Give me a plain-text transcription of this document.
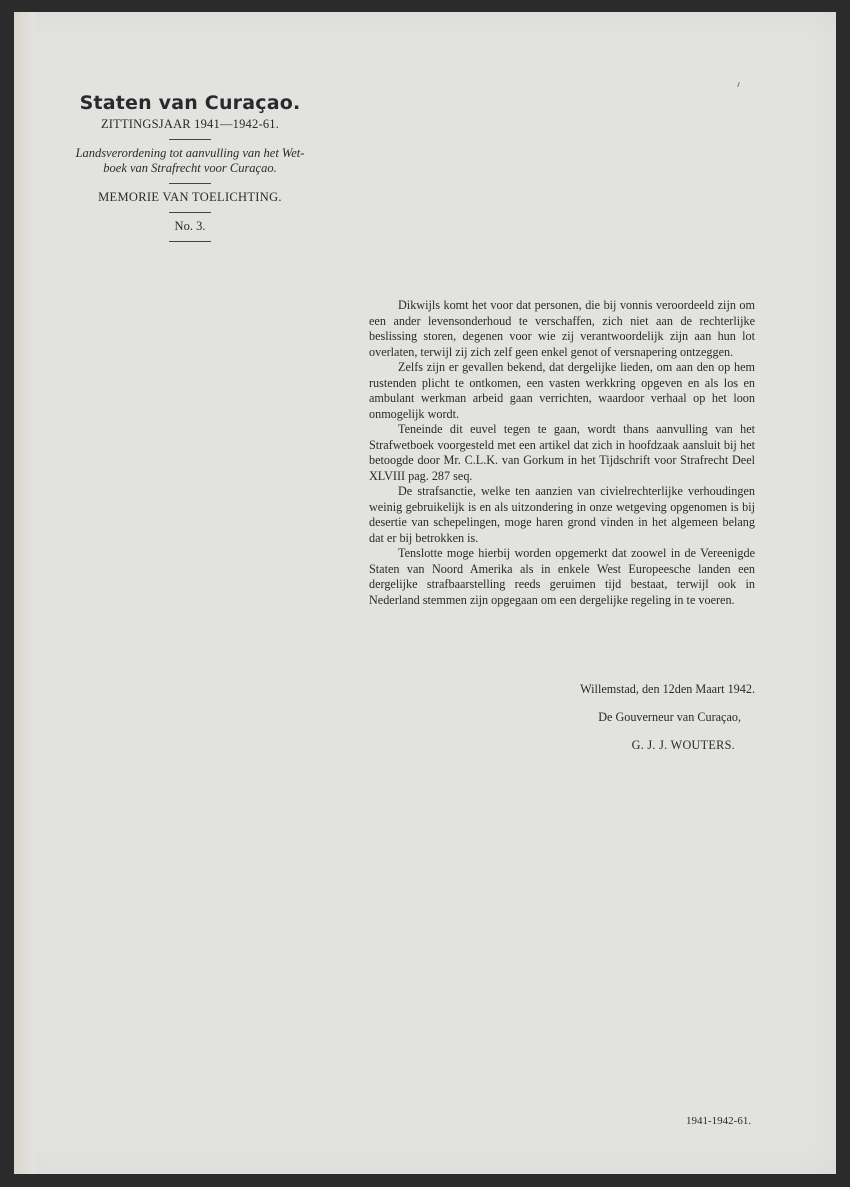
Staten van Curaçao.
ZITTINGSJAAR 1941—1942-61.
Landsverordening tot aanvulling van het Wet-
boek van Strafrecht voor Curaçao.
MEMORIE VAN TOELICHTING.
No. 3.

Dikwijls komt het voor dat personen, die bij vonnis veroordeeld zijn om een ander levensonderhoud te verschaffen, zich niet aan de rechterlijke beslissing storen, degenen voor wie zij verantwoordelijk zijn aan hun lot overlaten, terwijl zij zich zelf geen enkel genot of versnapering ontzeggen.

Zelfs zijn er gevallen bekend, dat dergelijke lieden, om aan den op hem rustenden plicht te ontkomen, een vasten werkkring opgeven en als los en ambulant werkman arbeid gaan verrichten, waardoor verhaal op het loon onmogelijk wordt.

Teneinde dit euvel tegen te gaan, wordt thans aanvulling van het Strafwetboek voorgesteld met een artikel dat zich in hoofdzaak aansluit bij het betoogde door Mr. C.L.K. van Gorkum in het Tijdschrift voor Strafrecht Deel XLVIII pag. 287 seq.

De strafsanctie, welke ten aanzien van civielrechterlijke verhoudingen weinig gebruikelijk is en als uitzondering in onze wetgeving opgenomen is bij desertie van schepelingen, moge haren grond vinden in het algemeen belang dat er bij betrokken is.

Tenslotte moge hierbij worden opgemerkt dat zoowel in de Vereenigde Staten van Noord Amerika als in enkele West Europeesche landen een dergelijke strafbaarstelling reeds geruimen tijd bestaat, terwijl ook in Nederland stemmen zijn opgegaan om een dergelijke regeling in te voeren.

Willemstad, den 12den Maart 1942.
De Gouverneur van Curaçao,
G. J. J. WOUTERS.
1941-1942-61.
